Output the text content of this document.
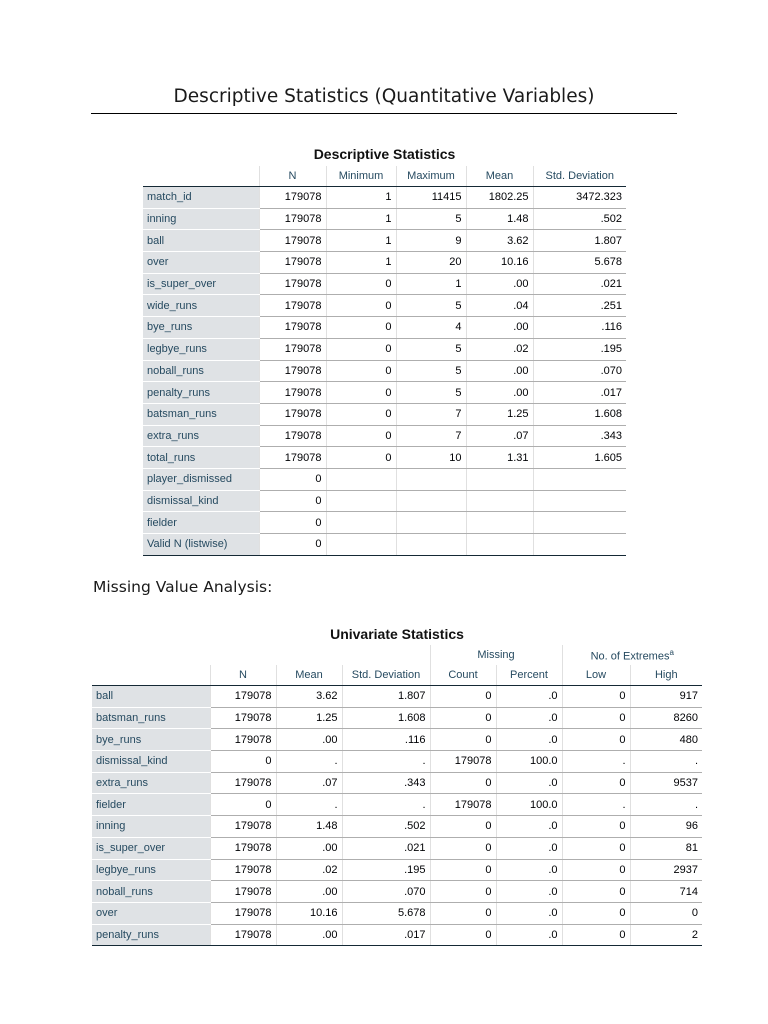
Descriptive Statistics (Quantitative Variables)
Descriptive Statistics
	N	Minimum	Maximum	Mean	Std. Deviation
match_id	179078	1	11415	1802.25	3472.323
inning	179078	1	5	1.48	.502
ball	179078	1	9	3.62	1.807
over	179078	1	20	10.16	5.678
is_super_over	179078	0	1	.00	.021
wide_runs	179078	0	5	.04	.251
bye_runs	179078	0	4	.00	.116
legbye_runs	179078	0	5	.02	.195
noball_runs	179078	0	5	.00	.070
penalty_runs	179078	0	5	.00	.017
batsman_runs	179078	0	7	1.25	1.608
extra_runs	179078	0	7	.07	.343
total_runs	179078	0	10	1.31	1.605
player_dismissed	0				
dismissal_kind	0				
fielder	0				
Valid N (listwise)	0				
Missing Value Analysis:
Univariate Statistics
				Missing		No. of Extremes$^a$
	N	Mean	Std. Deviation	Count	Percent	Low	High
ball	179078	3.62	1.807	0	.0	0	917
batsman_runs	179078	1.25	1.608	0	.0	0	8260
bye_runs	179078	.00	.116	0	.0	0	480
dismissal_kind	0	.	.	179078	100.0	.	.
extra_runs	179078	.07	.343	0	.0	0	9537
fielder	0	.	.	179078	100.0	.	.
inning	179078	1.48	.502	0	.0	0	96
is_super_over	179078	.00	.021	0	.0	0	81
legbye_runs	179078	.02	.195	0	.0	0	2937
noball_runs	179078	.00	.070	0	.0	0	714
over	179078	10.16	5.678	0	.0	0	0
penalty_runs	179078	.00	.017	0	.0	0	2
